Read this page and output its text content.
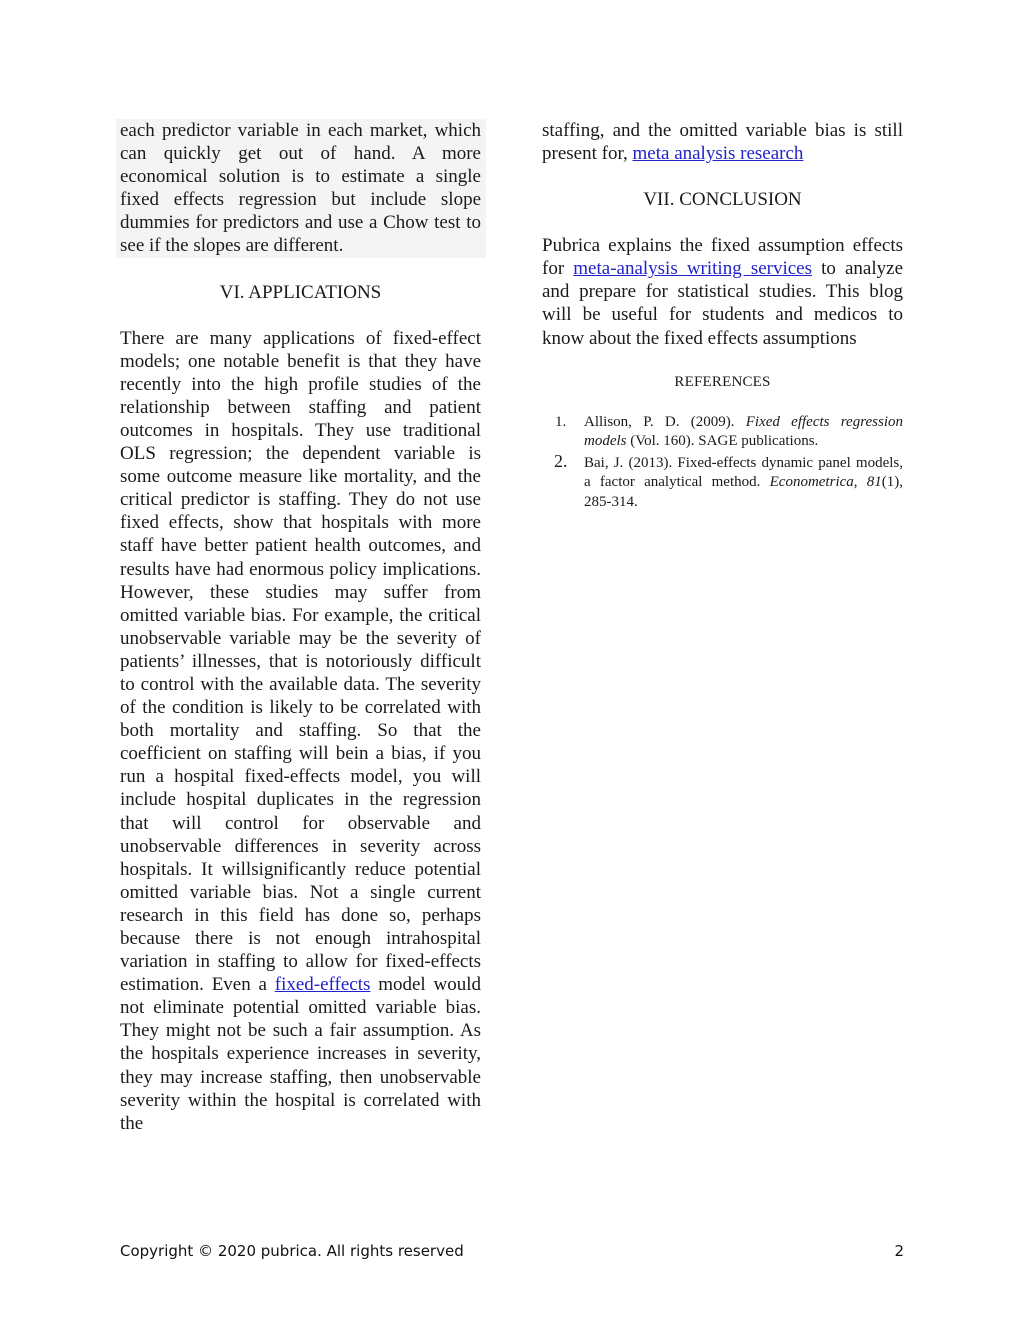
each predictor variable in each market, which can quickly get out of hand. A more economical solution is to estimate a single fixed effects regression but include slope dummies for predictors and use a Chow test to see if the slopes are different.

VI. APPLICATIONS

There are many applications of fixed-effect models; one notable benefit is that they have recently into the high profile studies of the relationship between staffing and patient outcomes in hospitals. They use traditional OLS regression; the dependent variable is some outcome measure like mortality, and the critical predictor is staffing. They do not use fixed effects, show that hospitals with more staff have better patient health outcomes, and results have had enormous policy implications. However, these studies may suffer from omitted variable bias. For example, the critical unobservable variable may be the severity of patients’ illnesses, that is notoriously difficult to control with the available data. The severity of the condition is likely to be correlated with both mortality and staffing. So that the coefficient on staffing will bein a bias, if you run a hospital fixed-effects model, you will include hospital duplicates in the regression that will control for observable and unobservable differences in severity across hospitals. It willsignificantly reduce potential omitted variable bias. Not a single current research in this field has done so, perhaps because there is not enough intrahospital variation in staffing to allow for fixed-effects estimation. Even a fixed-effects model would not eliminate potential omitted variable bias. They might not be such a fair assumption. As the hospitals experience increases in severity, they may increase staffing, then unobservable severity within the hospital is correlated with the

staffing, and the omitted variable bias is still present for, meta analysis research

VII. CONCLUSION

Pubrica explains the fixed assumption effects for meta-analysis writing services to analyze and prepare for statistical studies. This blog will be useful for students and medicos to know about the fixed effects assumptions

REFERENCES

1. Allison, P. D. (2009). Fixed effects regression models (Vol. 160). SAGE publications.
2. Bai, J. (2013). Fixed-effects dynamic panel models, a factor analytical method. Econometrica, 81(1), 285-314.
Copyright © 2020 pubrica. All rights reserved	2
